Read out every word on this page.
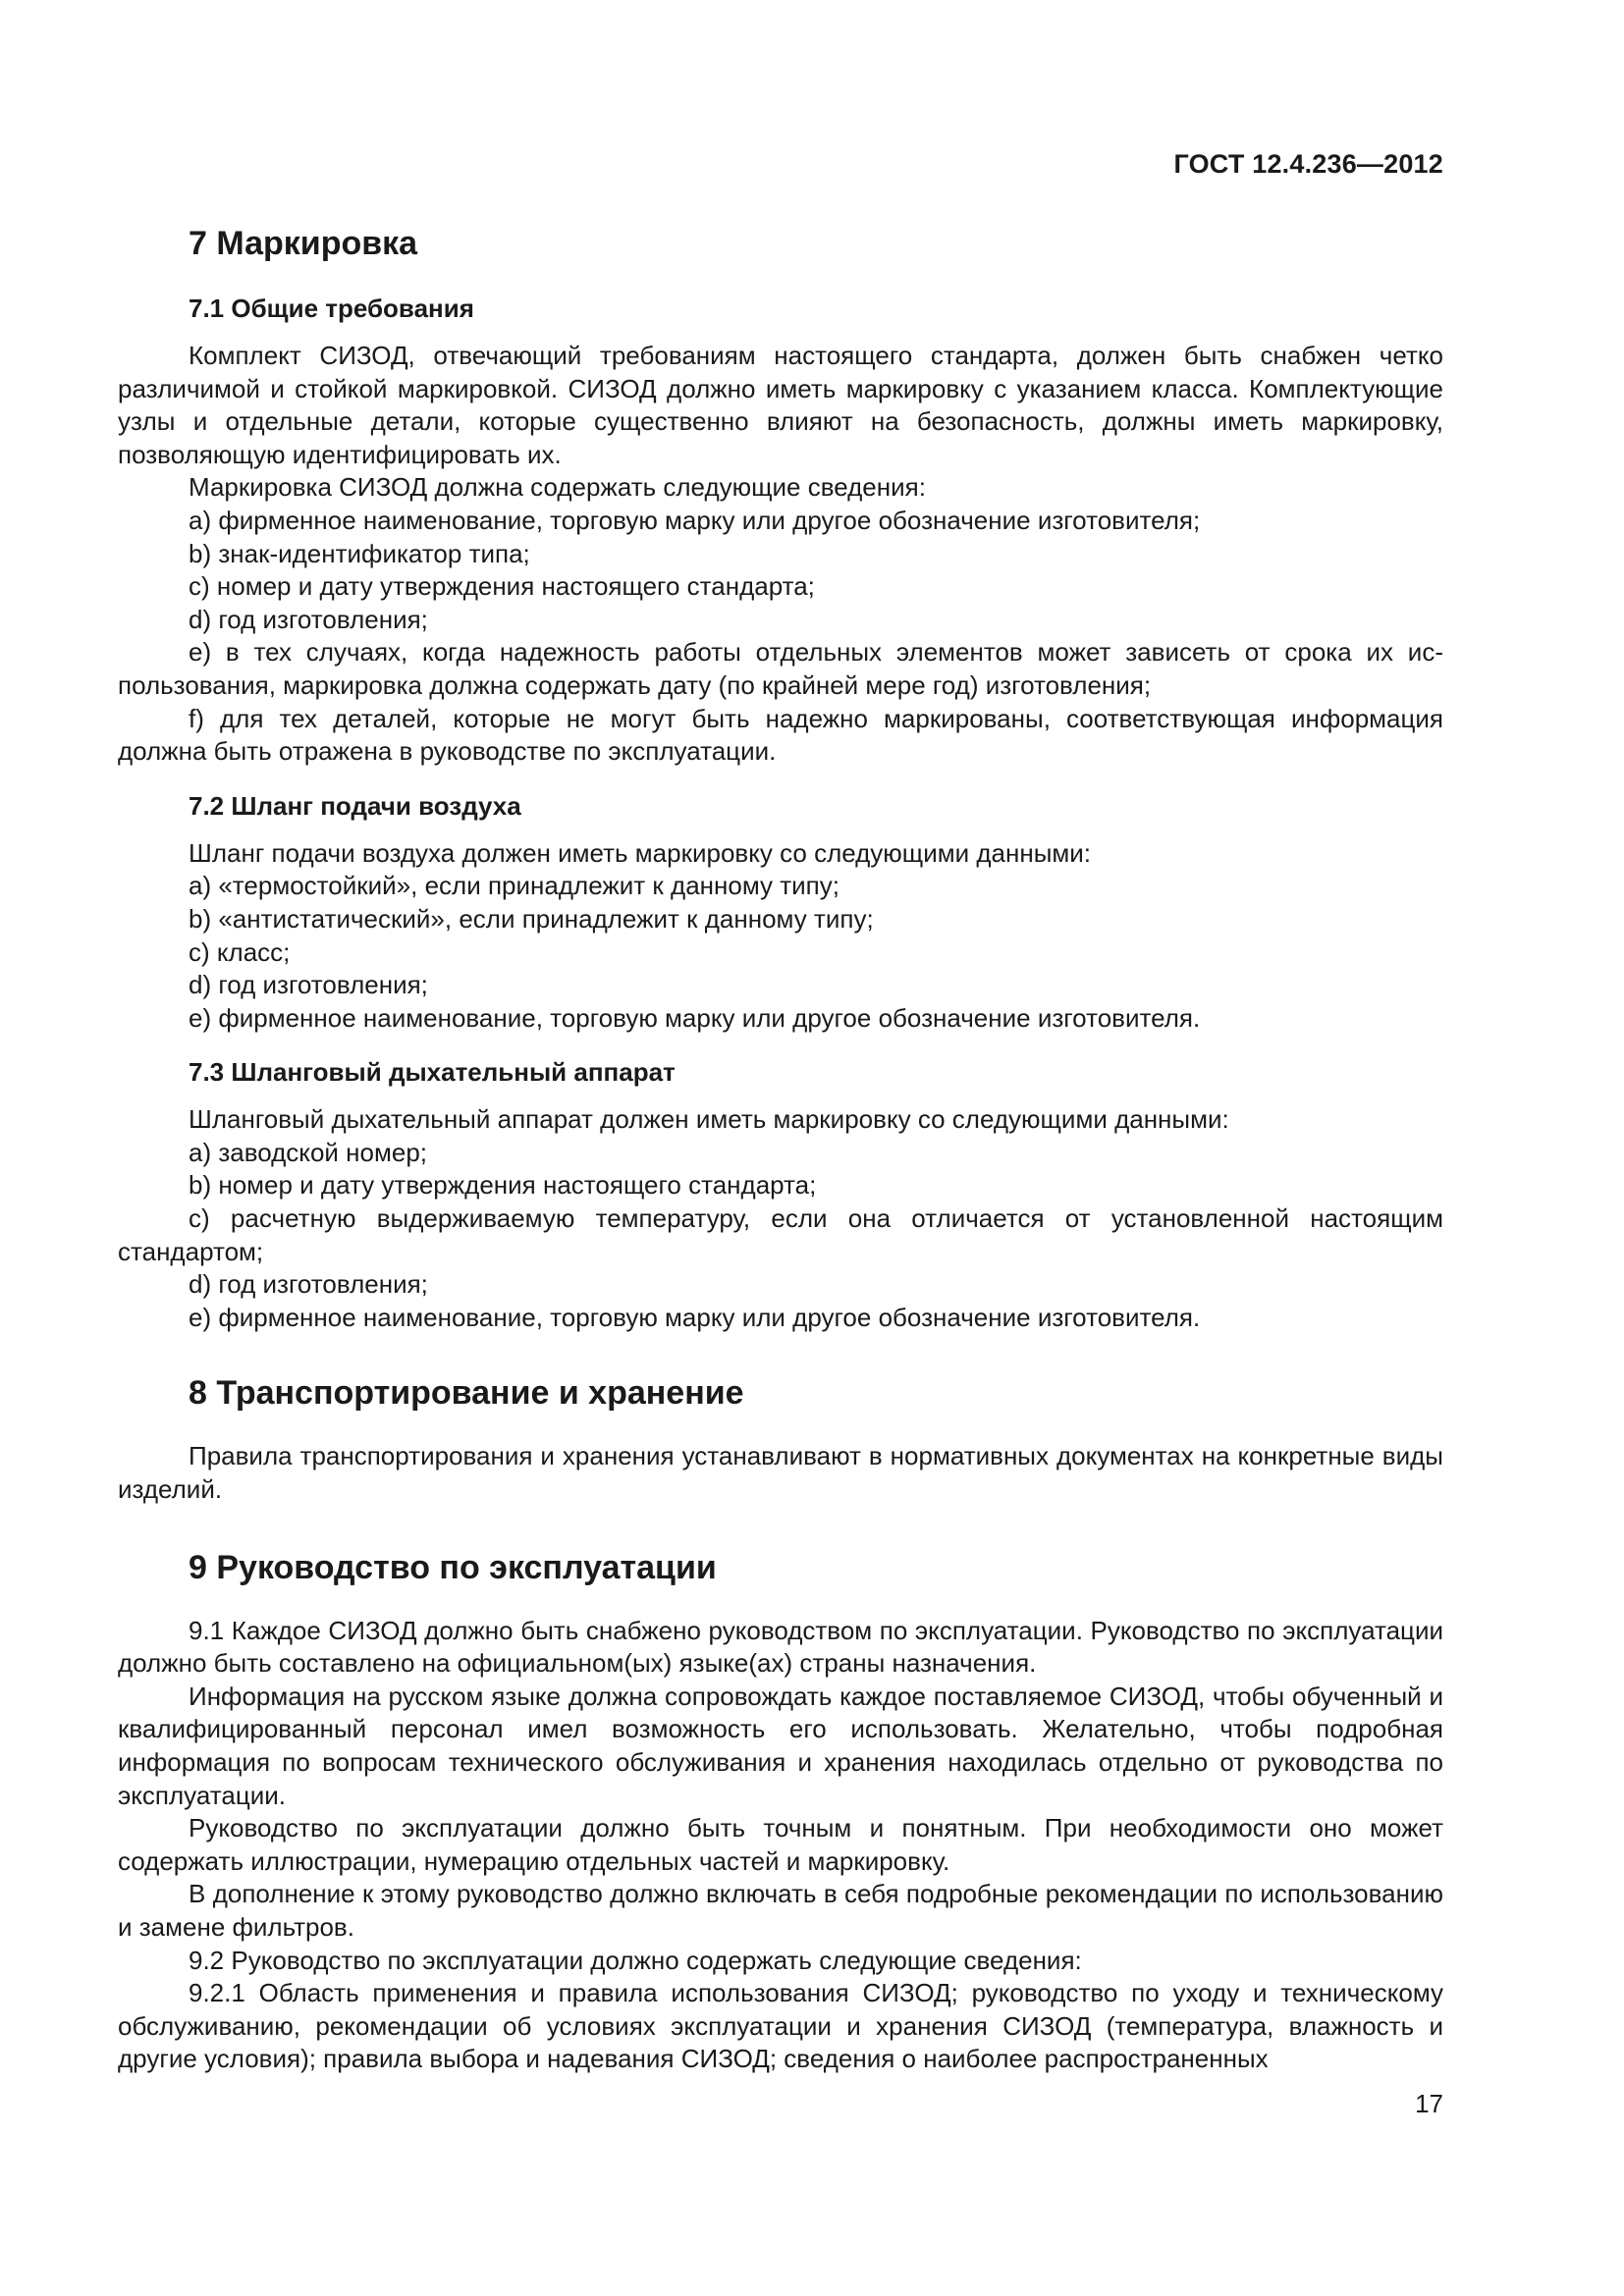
ГОСТ 12.4.236—2012
7 Маркировка
7.1 Общие требования

Комплект СИЗОД, отвечающий требованиям настоящего стандарта, должен быть снабжен четко различимой и стойкой маркировкой. СИЗОД должно иметь маркировку с указанием класса. Комплектующие узлы и отдельные детали, которые существенно влияют на безопасность, должны иметь маркировку, позволяющую идентифицировать их.

Маркировка СИЗОД должна содержать следующие сведения:

a) фирменное наименование, торговую марку или другое обозначение изготовителя;

b) знак-идентификатор типа;

c) номер и дату утверждения настоящего стандарта;

d) год изготовления;

e) в тех случаях, когда надежность работы отдельных элементов может зависеть от срока их использования, маркировка должна содержать дату (по крайней мере год) изготовления;

f) для тех деталей, которые не могут быть надежно маркированы, соответствующая информация должна быть отражена в руководстве по эксплуатации.

7.2 Шланг подачи воздуха

Шланг подачи воздуха должен иметь маркировку со следующими данными:

a) «термостойкий», если принадлежит к данному типу;

b) «антистатический», если принадлежит к данному типу;

c) класс;

d) год изготовления;

e) фирменное наименование, торговую марку или другое обозначение изготовителя.

7.3 Шланговый дыхательный аппарат

Шланговый дыхательный аппарат должен иметь маркировку со следующими данными:

a) заводской номер;

b) номер и дату утверждения настоящего стандарта;

c) расчетную выдерживаемую температуру, если она отличается от установленной настоящим стандартом;

d) год изготовления;

e) фирменное наименование, торговую марку или другое обозначение изготовителя.

8 Транспортирование и хранение

Правила транспортирования и хранения устанавливают в нормативных документах на конкретные виды изделий.

9 Руководство по эксплуатации

9.1 Каждое СИЗОД должно быть снабжено руководством по эксплуатации. Руководство по эксплуатации должно быть составлено на официальном(ых) языке(ах) страны назначения.

Информация на русском языке должна сопровождать каждое поставляемое СИЗОД, чтобы обученный и квалифицированный персонал имел возможность его использовать. Желательно, чтобы подробная информация по вопросам технического обслуживания и хранения находилась отдельно от руководства по эксплуатации.

Руководство по эксплуатации должно быть точным и понятным. При необходимости оно может содержать иллюстрации, нумерацию отдельных частей и маркировку.

В дополнение к этому руководство должно включать в себя подробные рекомендации по использованию и замене фильтров.

9.2 Руководство по эксплуатации должно содержать следующие сведения:

9.2.1 Область применения и правила использования СИЗОД; руководство по уходу и техническому обслуживанию, рекомендации об условиях эксплуатации и хранения СИЗОД (температура, влажность и другие условия); правила выбора и надевания СИЗОД; сведения о наиболее распространенных

17
